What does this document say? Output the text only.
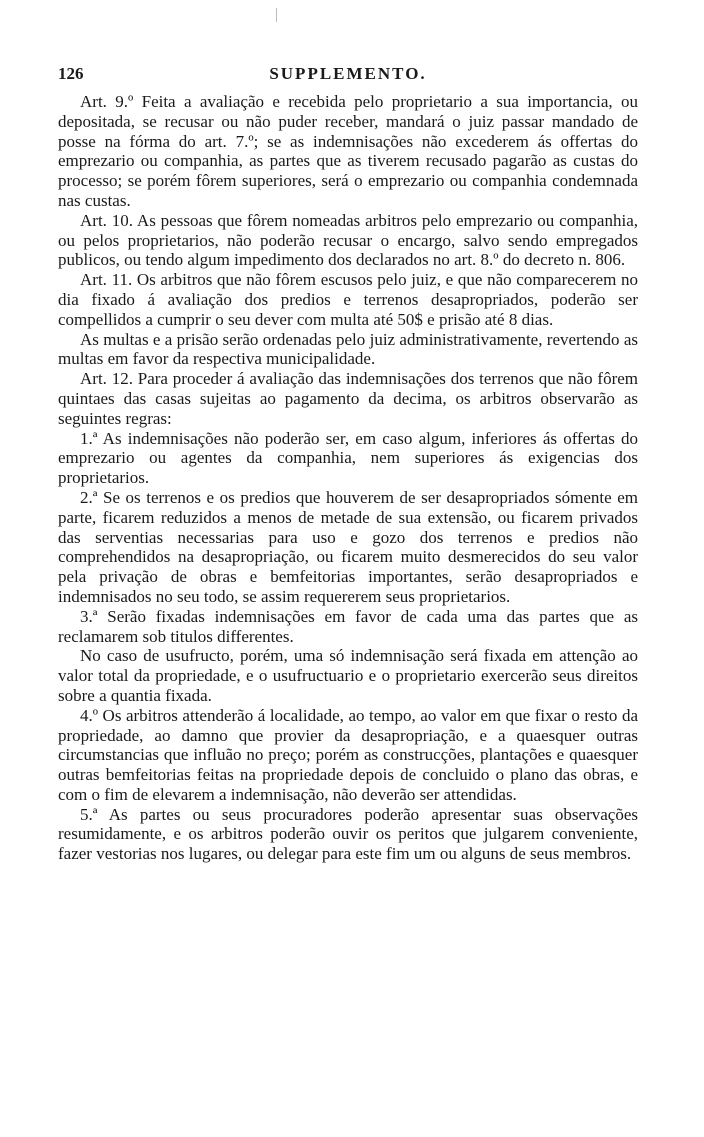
126	SUPPLEMENTO.

Art. 9.º Feita a avaliação e recebida pelo proprietario a sua importancia, ou depositada, se recusar ou não puder receber, mandará o juiz passar mandado de posse na fórma do art. 7.º; se as indemnisações não excederem ás offertas do emprezario ou companhia, as partes que as tiverem recusado pagarão as custas do processo; se porém fôrem superiores, será o emprezario ou companhia condemnada nas custas.

Art. 10. As pessoas que fôrem nomeadas arbitros pelo emprezario ou companhia, ou pelos proprietarios, não poderão recusar o encargo, salvo sendo empregados publicos, ou tendo algum impedimento dos declarados no art. 8.º do decreto n. 806.

Art. 11. Os arbitros que não fôrem escusos pelo juiz, e que não comparecerem no dia fixado á avaliação dos predios e terrenos desapropriados, poderão ser compellidos a cumprir o seu dever com multa até 50$ e prisão até 8 dias.

As multas e a prisão serão ordenadas pelo juiz administrativamente, revertendo as multas em favor da respectiva municipalidade.

Art. 12. Para proceder á avaliação das indemnisações dos terrenos que não fôrem quintaes das casas sujeitas ao pagamento da decima, os arbitros observarão as seguintes regras:

1.ª As indemnisações não poderão ser, em caso algum, inferiores ás offertas do emprezario ou agentes da companhia, nem superiores ás exigencias dos proprietarios.

2.ª Se os terrenos e os predios que houverem de ser desapropriados sómente em parte, ficarem reduzidos a menos de metade de sua extensão, ou ficarem privados das serventias necessarias para uso e gozo dos terrenos e predios não comprehendidos na desapropriação, ou ficarem muito desmerecidos do seu valor pela privação de obras e bemfeitorias importantes, serão desapropriados e indemnisados no seu todo, se assim requererem seus proprietarios.

3.ª Serão fixadas indemnisações em favor de cada uma das partes que as reclamarem sob titulos differentes.

No caso de usufructo, porém, uma só indemnisação será fixada em attenção ao valor total da propriedade, e o usufructuario e o proprietario exercerão seus direitos sobre a quantia fixada.

4.º Os arbitros attenderão á localidade, ao tempo, ao valor em que fixar o resto da propriedade, ao damno que provier da desapropriação, e a quaesquer outras circumstancias que influão no preço; porém as construcções, plantações e quaesquer outras bemfeitorias feitas na propriedade depois de concluido o plano das obras, e com o fim de elevarem a indemnisação, não deverão ser attendidas.

5.ª As partes ou seus procuradores poderão apresentar suas observações resumidamente, e os arbitros poderão ouvir os peritos que julgarem conveniente, fazer vestorias nos lugares, ou delegar para este fim um ou alguns de seus membros.
